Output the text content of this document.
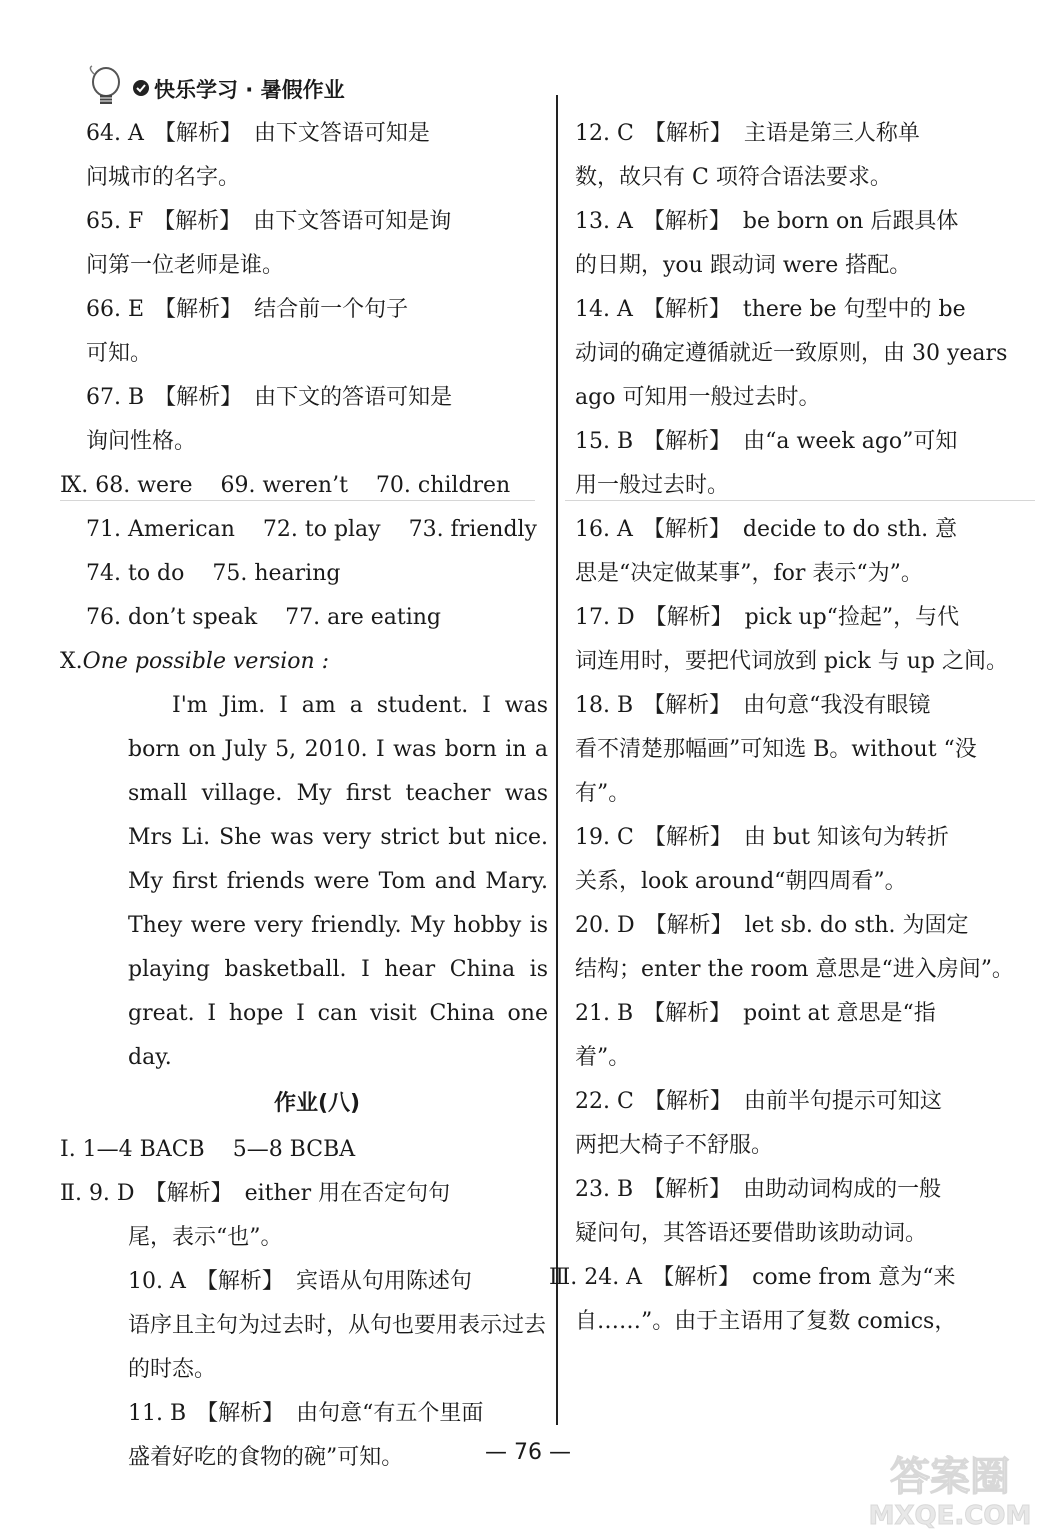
快乐学习 · 暑假作业

64. A 【解析】 由下文答语可知是

问城市的名字。

65. F 【解析】 由下文答语可知是询

问第一位老师是谁。

66. E 【解析】 结合前一个句子

可知。

67. B 【解析】 由下文的答语可知是

询问性格。

Ⅸ. 68. were    69. weren’t    70. children

71. American    72. to play    73. friendly

74. to do    75. hearing

76. don’t speak    77. are eating

Ⅹ.One possible version :

I'm Jim. I am a student. I was born on July 5, 2010. I was born in a small village. My first teacher was Mrs Li. She was very strict but nice. My first friends were Tom and Mary. They were very friendly. My hobby is playing basketball. I hear China is great. I hope I can visit China one day.

作业(八)

Ⅰ. 1—4 BACB    5—8 BCBA

Ⅱ. 9. D 【解析】 either 用在否定句句

尾，表示“也”。

10. A 【解析】 宾语从句用陈述句

语序且主句为过去时，从句也要用表示过去的时态。

11. B 【解析】 由句意“有五个里面

盛着好吃的食物的碗”可知。

12. C 【解析】 主语是第三人称单

数，故只有 C 项符合语法要求。

13. A 【解析】 be born on 后跟具体

的日期，you 跟动词 were 搭配。

14. A 【解析】 there be 句型中的 be

动词的确定遵循就近一致原则，由 30 years ago 可知用一般过去时。

15. B 【解析】 由“a week ago”可知

用一般过去时。

16. A 【解析】 decide to do sth. 意

思是“决定做某事”，for 表示“为”。

17. D 【解析】 pick up“捡起”，与代

词连用时，要把代词放到 pick 与 up 之间。

18. B 【解析】 由句意“我没有眼镜

看不清楚那幅画”可知选 B。without “没有”。

19. C 【解析】 由 but 知该句为转折

关系，look around“朝四周看”。

20. D 【解析】 let sb. do sth. 为固定

结构；enter the room 意思是“进入房间”。

21. B 【解析】 point at 意思是“指

着”。

22. C 【解析】 由前半句提示可知这

两把大椅子不舒服。

23. B 【解析】 由助动词构成的一般

疑问句，其答语还要借助该助动词。

Ⅲ. 24. A 【解析】 come from 意为“来

自……”。由于主语用了复数 comics，

— 76 —
答案圈
MXQE.COM
